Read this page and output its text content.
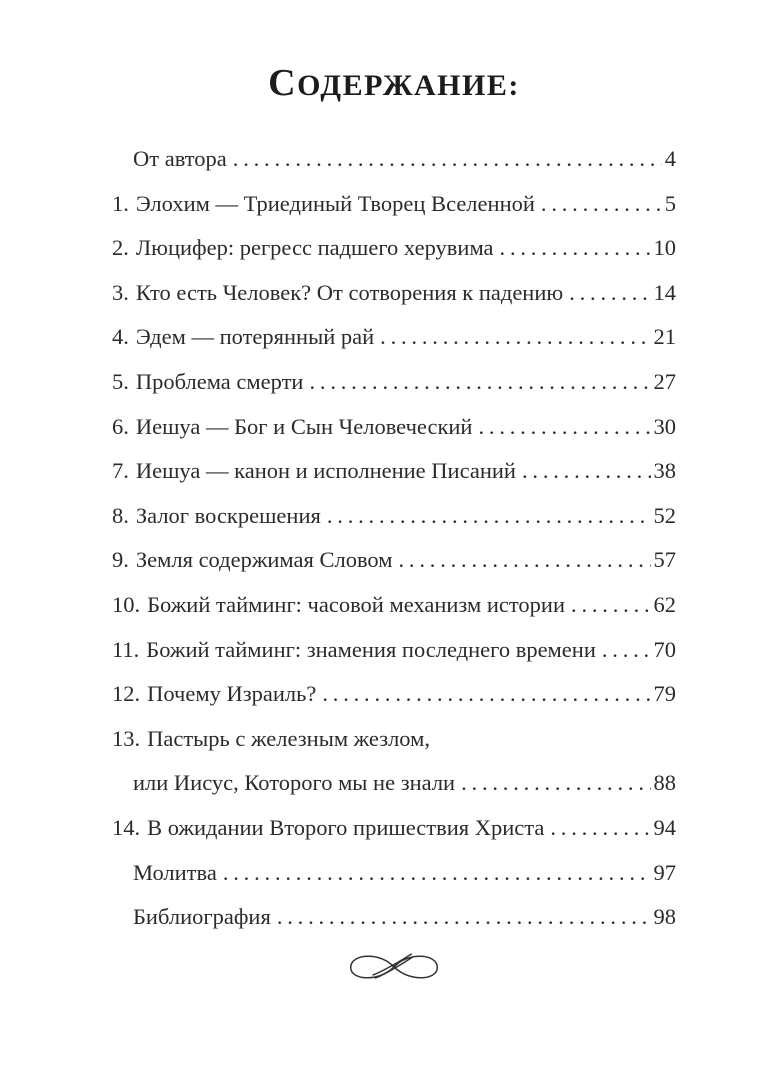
СОДЕРЖАНИЕ:
От автора .....	4
1. Элохим — Триединый Творец Вселенной .....	5
2. Люцифер: регресс падшего херувима .....	10
3. Кто есть Человек? От сотворения к падению .....	14
4. Эдем — потерянный рай .....	21
5. Проблема смерти .....	27
6. Иешуа — Бог и Сын Человеческий .....	30
7. Иешуа — канон и исполнение Писаний .....	38
8. Залог воскрешения .....	52
9. Земля содержимая Словом .....	57
10. Божий тайминг: часовой механизм истории .....	62
11. Божий тайминг: знамения последнего времени .....	70
12. Почему Израиль? .....	79
13. Пастырь с железным жезлом,
или Иисус, Которого мы не знали .....	88
14. В ожидании Второго пришествия Христа .....	94
Молитва .....	97
Библиография .....	98
